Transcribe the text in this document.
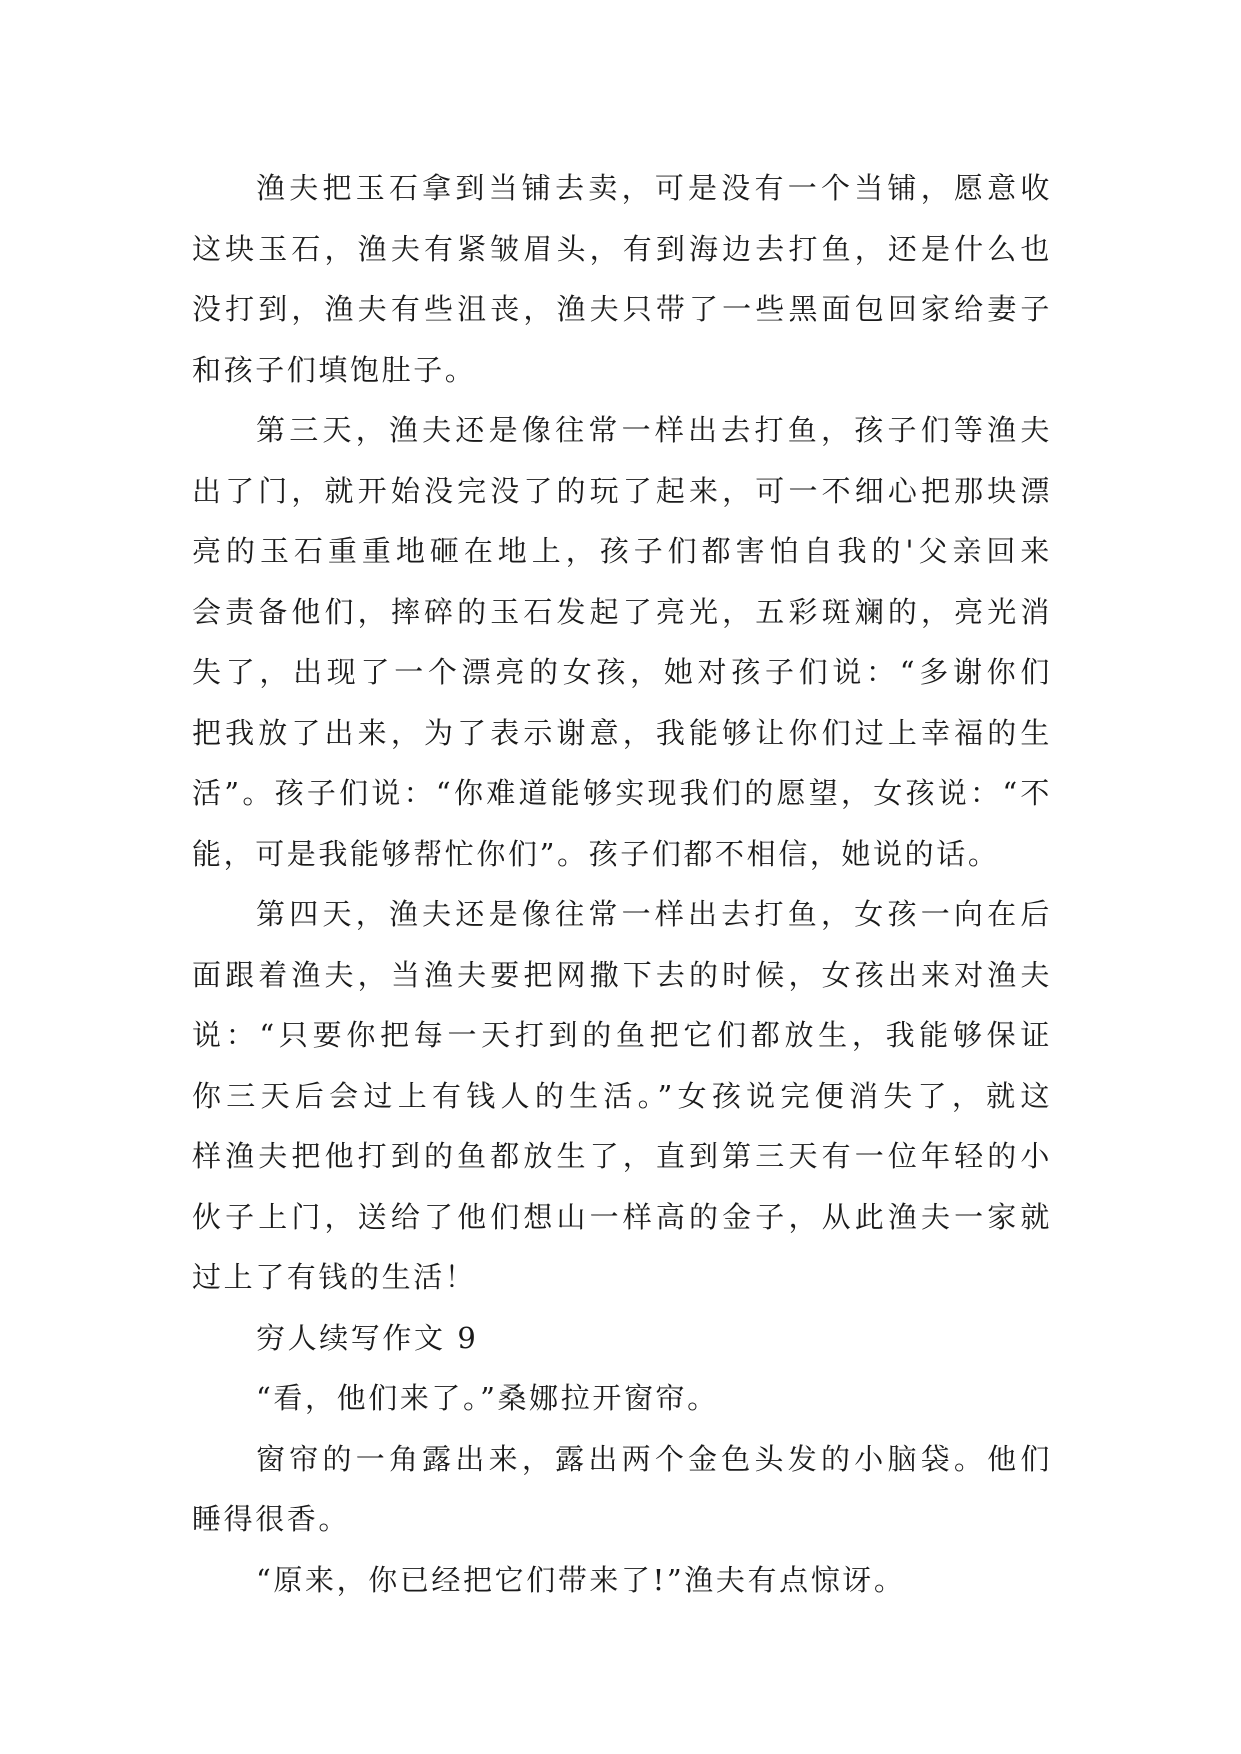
渔夫把玉石拿到当铺去卖，可是没有一个当铺，愿意收
这块玉石，渔夫有紧皱眉头，有到海边去打鱼，还是什么也
没打到，渔夫有些沮丧，渔夫只带了一些黑面包回家给妻子
和孩子们填饱肚子。
第三天，渔夫还是像往常一样出去打鱼，孩子们等渔夫
出了门，就开始没完没了的玩了起来，可一不细心把那块漂
亮的玉石重重地砸在地上，孩子们都害怕自我的'父亲回来
会责备他们，摔碎的玉石发起了亮光，五彩斑斓的，亮光消
失了，出现了一个漂亮的女孩，她对孩子们说：“多谢你们
把我放了出来，为了表示谢意，我能够让你们过上幸福的生
活”。孩子们说：“你难道能够实现我们的愿望，女孩说：“不
能，可是我能够帮忙你们”。孩子们都不相信，她说的话。
第四天，渔夫还是像往常一样出去打鱼，女孩一向在后
面跟着渔夫，当渔夫要把网撒下去的时候，女孩出来对渔夫
说：“只要你把每一天打到的鱼把它们都放生，我能够保证
你三天后会过上有钱人的生活。”女孩说完便消失了，就这
样渔夫把他打到的鱼都放生了，直到第三天有一位年轻的小
伙子上门，送给了他们想山一样高的金子，从此渔夫一家就
过上了有钱的生活！
穷人续写作文 9
“看，他们来了。”桑娜拉开窗帘。
窗帘的一角露出来，露出两个金色头发的小脑袋。他们
睡得很香。
“原来，你已经把它们带来了!”渔夫有点惊讶。
